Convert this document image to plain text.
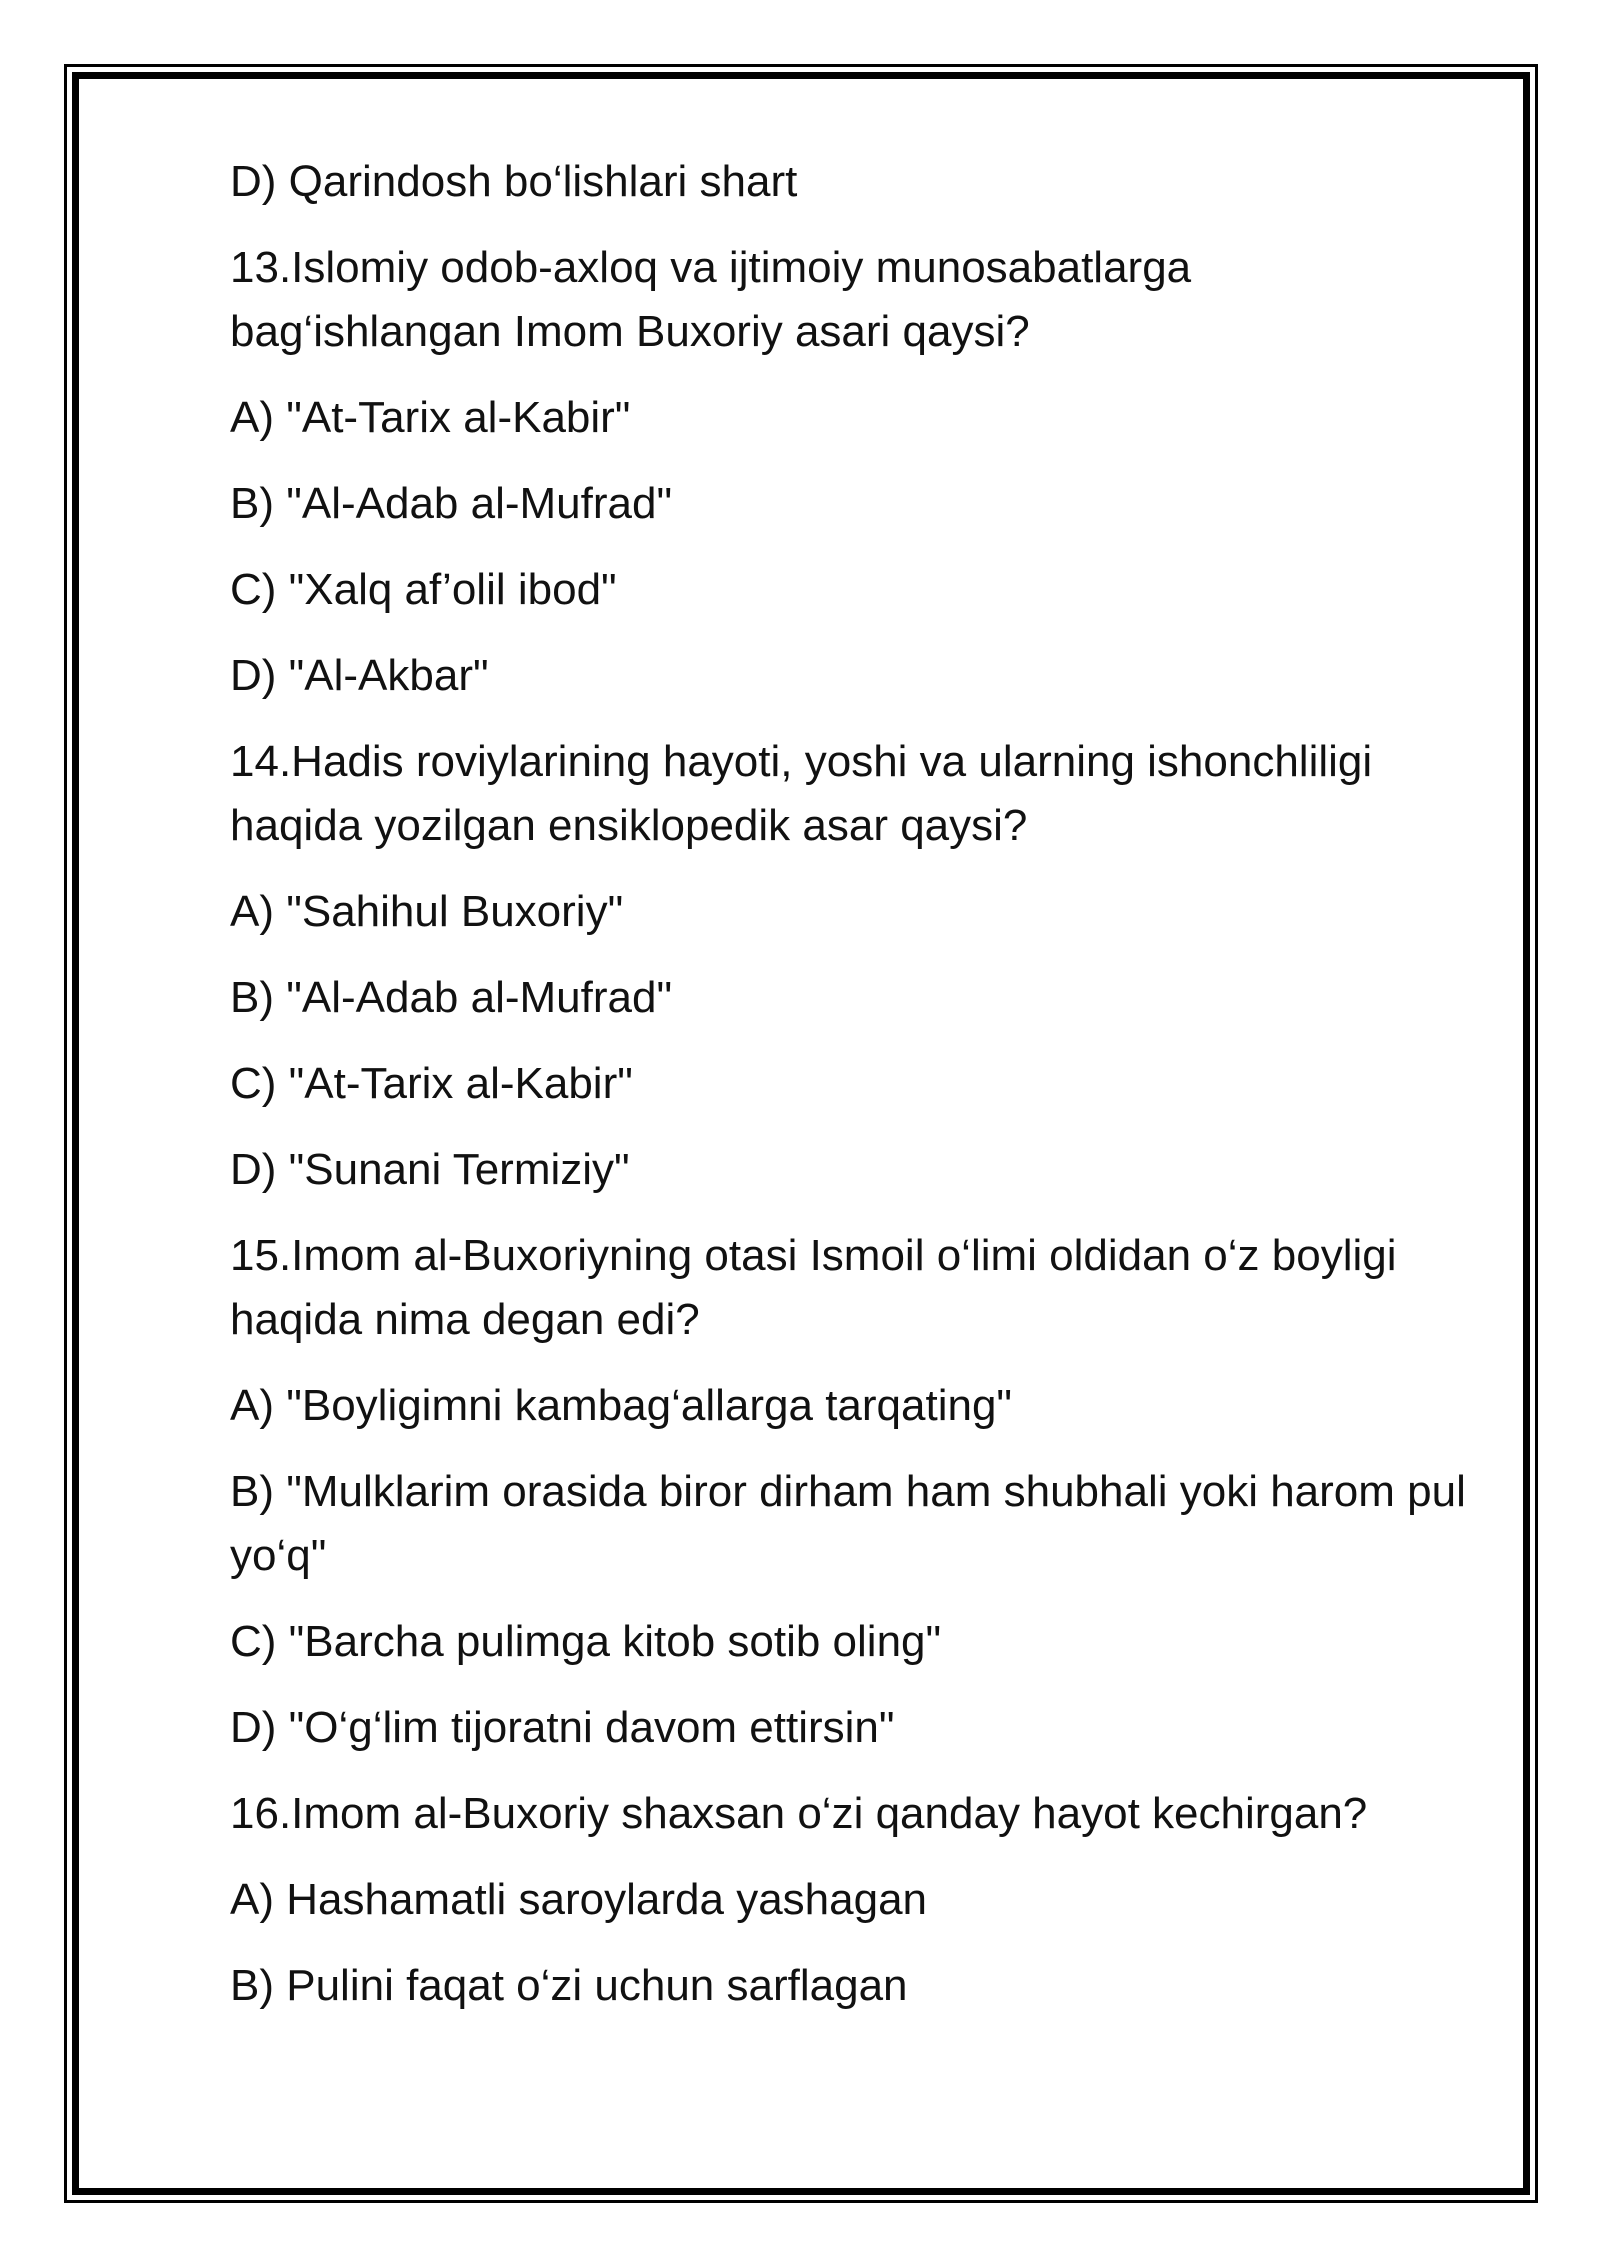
D) Qarindosh bo‘lishlari shart

13.Islomiy odob-axloq va ijtimoiy munosabatlarga bag‘ishlangan Imom Buxoriy asari qaysi?

A) "At-Tarix al-Kabir"

B) "Al-Adab al-Mufrad"

C) "Xalq af’olil ibod"

D) "Al-Akbar"

14.Hadis roviylarining hayoti, yoshi va ularning ishonchliligi haqida yozilgan ensiklopedik asar qaysi?

A) "Sahihul Buxoriy"

B) "Al-Adab al-Mufrad"

C) "At-Tarix al-Kabir"

D) "Sunani Termiziy"

15.Imom al-Buxoriyning otasi Ismoil o‘limi oldidan o‘z boyligi haqida nima degan edi?

A) "Boyligimni kambag‘allarga tarqating"

B) "Mulklarim orasida biror dirham ham shubhali yoki harom pul yo‘q"

C) "Barcha pulimga kitob sotib oling"

D) "O‘g‘lim tijoratni davom ettirsin"

16.Imom al-Buxoriy shaxsan o‘zi qanday hayot kechirgan?

A) Hashamatli saroylarda yashagan

B) Pulini faqat o‘zi uchun sarflagan
